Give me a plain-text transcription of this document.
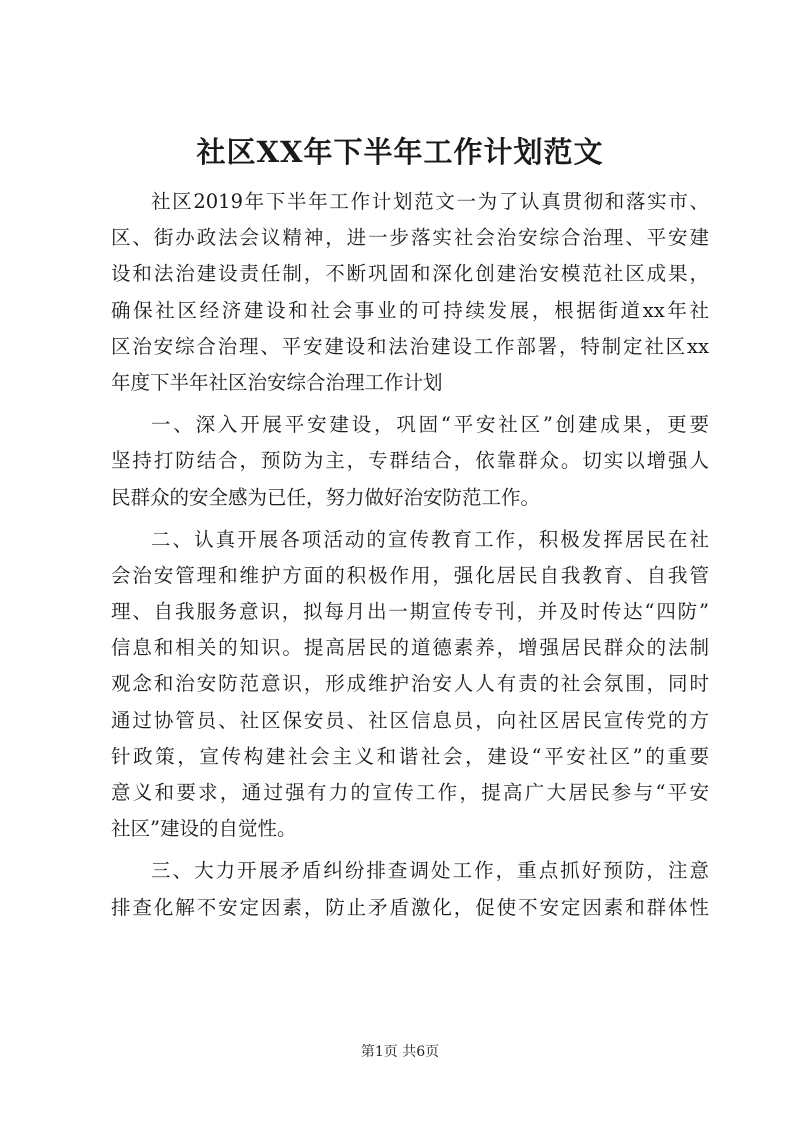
社区XX年下半年工作计划范文
社区2019年下半年工作计划范文一为了认真贯彻和落实市、
区、街办政法会议精神，进一步落实社会治安综合治理、平安建
设和法治建设责任制，不断巩固和深化创建治安模范社区成果，
确保社区经济建设和社会事业的可持续发展，根据街道xx年社
区治安综合治理、平安建设和法治建设工作部署，特制定社区xx
年度下半年社区治安综合治理工作计划
一、深入开展平安建设，巩固“平安社区”创建成果，更要
坚持打防结合，预防为主，专群结合，依靠群众。切实以增强人
民群众的安全感为已任，努力做好治安防范工作。
二、认真开展各项活动的宣传教育工作，积极发挥居民在社
会治安管理和维护方面的积极作用，强化居民自我教育、自我管
理、自我服务意识，拟每月出一期宣传专刊，并及时传达“四防”
信息和相关的知识。提高居民的道德素养，增强居民群众的法制
观念和治安防范意识，形成维护治安人人有责的社会氛围，同时
通过协管员、社区保安员、社区信息员，向社区居民宣传党的方
针政策，宣传构建社会主义和谐社会，建设“平安社区”的重要
意义和要求，通过强有力的宣传工作，提高广大居民参与“平安
社区”建设的自觉性。
三、大力开展矛盾纠纷排查调处工作，重点抓好预防，注意
排查化解不安定因素，防止矛盾激化，促使不安定因素和群体性
第1页 共6页
